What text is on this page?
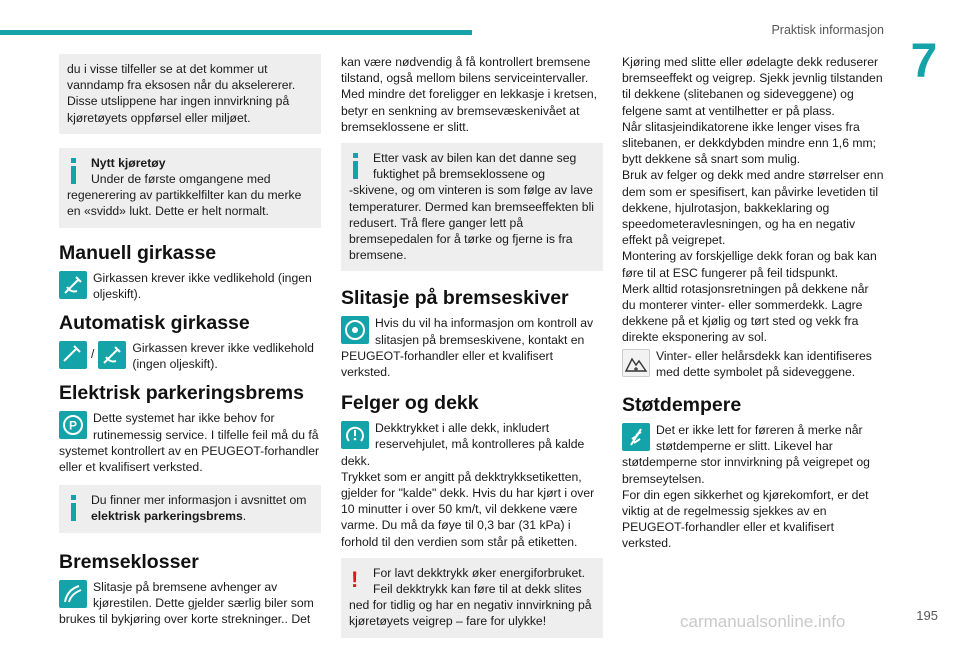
Praktisk informasjon
7

du i visse tilfeller se at det kommer ut vanndamp fra eksosen når du akselererer. Disse utslippene har ingen innvirkning på kjøretøyets oppførsel eller miljøet.

Nytt kjøretøy

Under de første omgangene med

regenerering av partikkelfilter kan du merke en «svidd» lukt. Dette er helt normalt.

Manuell girkasse

Girkassen krever ikke vedlikehold (ingen oljeskift).

Automatisk girkasse
/	Girkassen krever ikke vedlikehold (ingen oljeskift).

Elektrisk parkeringsbrems
P

Dette systemet har ikke behov for rutinemessig service. I tilfelle feil må du få systemet kontrollert av en PEUGEOT-forhandler eller et kvalifisert verksted.

Du finner mer informasjon i avsnittet om elektrisk parkeringsbrems.

Bremseklosser

Slitasje på bremsene avhenger av kjørestilen. Dette gjelder særlig biler som brukes til bykjøring over korte strekninger.. Det

kan være nødvendig å få kontrollert bremsene tilstand, også mellom bilens serviceintervaller. Med mindre det foreligger en lekkasje i kretsen, betyr en senkning av bremsevæskenivået at bremseklossene er slitt.

Etter vask av bilen kan det danne seg fuktighet på bremseklossene og

-skivene, og om vinteren is som følge av lave temperaturer. Dermed kan bremseeffekten bli redusert. Trå flere ganger lett på bremsepedalen for å tørke og fjerne is fra bremsene.

Slitasje på bremseskiver

Hvis du vil ha informasjon om kontroll av slitasjen på bremseskivene, kontakt en PEUGEOT-forhandler eller et kvalifisert verksted.

Felger og dekk

Dekktrykket i alle dekk, inkludert reservehjulet, må kontrolleres på kalde dekk.

Trykket som er angitt på dekktrykksetiketten, gjelder for "kalde" dekk. Hvis du har kjørt i over 10 minutter i over 50 km/t, vil dekkene være varme. Du må da føye til 0,3 bar (31 kPa) i forhold til den verdien som står på etiketten.

! For lavt dekktrykk øker energiforbruket. Feil dekktrykk kan føre til at dekk slites

ned for tidlig og har en negativ innvirkning på kjøretøyets veigrep – fare for ulykke!

Kjøring med slitte eller ødelagte dekk reduserer bremseeffekt og veigrep. Sjekk jevnlig tilstanden til dekkene (slitebanen og sideveggene) og felgene samt at ventilhetter er på plass.

Når slitasjeindikatorene ikke lenger vises fra slitebanen, er dekkdybden mindre enn 1,6 mm; bytt dekkene så snart som mulig.

Bruk av felger og dekk med andre størrelser enn dem som er spesifisert, kan påvirke levetiden til dekkene, hjulrotasjon, bakkeklaring og speedometeravlesningen, og ha en negativ effekt på veigrepet.

Montering av forskjellige dekk foran og bak kan føre til at ESC fungerer på feil tidspunkt.

Merk alltid rotasjonsretningen på dekkene når du monterer vinter- eller sommerdekk. Lagre dekkene på et kjølig og tørt sted og vekk fra direkte eksponering av sol.

Vinter- eller helårsdekk kan identifiseres med dette symbolet på sideveggene.

Støtdempere

Det er ikke lett for føreren å merke når støtdemperne er slitt. Likevel har støtdemperne stor innvirkning på veigrepet og bremseytelsen.

For din egen sikkerhet og kjørekomfort, er det viktig at de regelmessig sjekkes av en PEUGEOT-forhandler eller et kvalifisert verksted.

carmanualsonline.info	195
